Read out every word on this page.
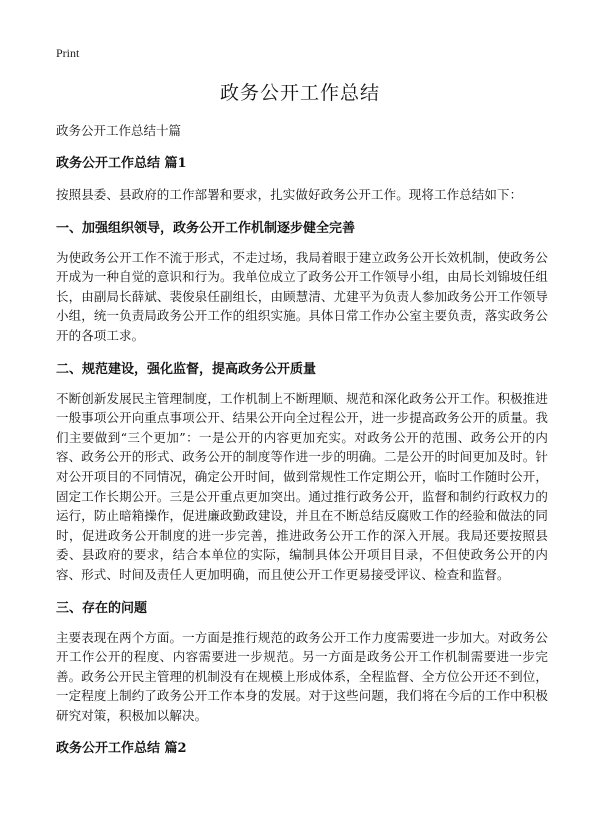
Print
政务公开工作总结

政务公开工作总结十篇

政务公开工作总结 篇1

按照县委、县政府的工作部署和要求，扎实做好政务公开工作。现将工作总结如下：

一、加强组织领导，政务公开工作机制逐步健全完善

为使政务公开工作不流于形式，不走过场，我局着眼于建立政务公开长效机制，使政务公开成为一种自觉的意识和行为。我单位成立了政务公开工作领导小组，由局长刘锦坡任组长，由副局长薛斌、裴俊泉任副组长，由顾慧清、尤建平为负责人参加政务公开工作领导小组，统一负责局政务公开工作的组织实施。具体日常工作办公室主要负责，落实政务公开的各项工求。

二、规范建设，强化监督，提高政务公开质量

不断创新发展民主管理制度，工作机制上不断理顺、规范和深化政务公开工作。积极推进一般事项公开向重点事项公开、结果公开向全过程公开，进一步提高政务公开的质量。我们主要做到“三个更加”：一是公开的内容更加充实。对政务公开的范围、政务公开的内容、政务公开的形式、政务公开的制度等作进一步的明确。二是公开的时间更加及时。针对公开项目的不同情况，确定公开时间，做到常规性工作定期公开，临时工作随时公开，固定工作长期公开。三是公开重点更加突出。通过推行政务公开，监督和制约行政权力的运行，防止暗箱操作，促进廉政勤政建设，并且在不断总结反腐败工作的经验和做法的同时，促进政务公开制度的进一步完善，推进政务公开工作的深入开展。我局还要按照县委、县政府的要求，结合本单位的实际，编制具体公开项目目录，不但使政务公开的内容、形式、时间及责任人更加明确，而且使公开工作更易接受评议、检查和监督。

三、存在的问题

主要表现在两个方面。一方面是推行规范的政务公开工作力度需要进一步加大。对政务公开工作公开的程度、内容需要进一步规范。另一方面是政务公开工作机制需要进一步完善。政务公开民主管理的机制没有在规模上形成体系，全程监督、全方位公开还不到位，一定程度上制约了政务公开工作本身的发展。对于这些问题，我们将在今后的工作中积极研究对策，积极加以解决。

政务公开工作总结 篇2
